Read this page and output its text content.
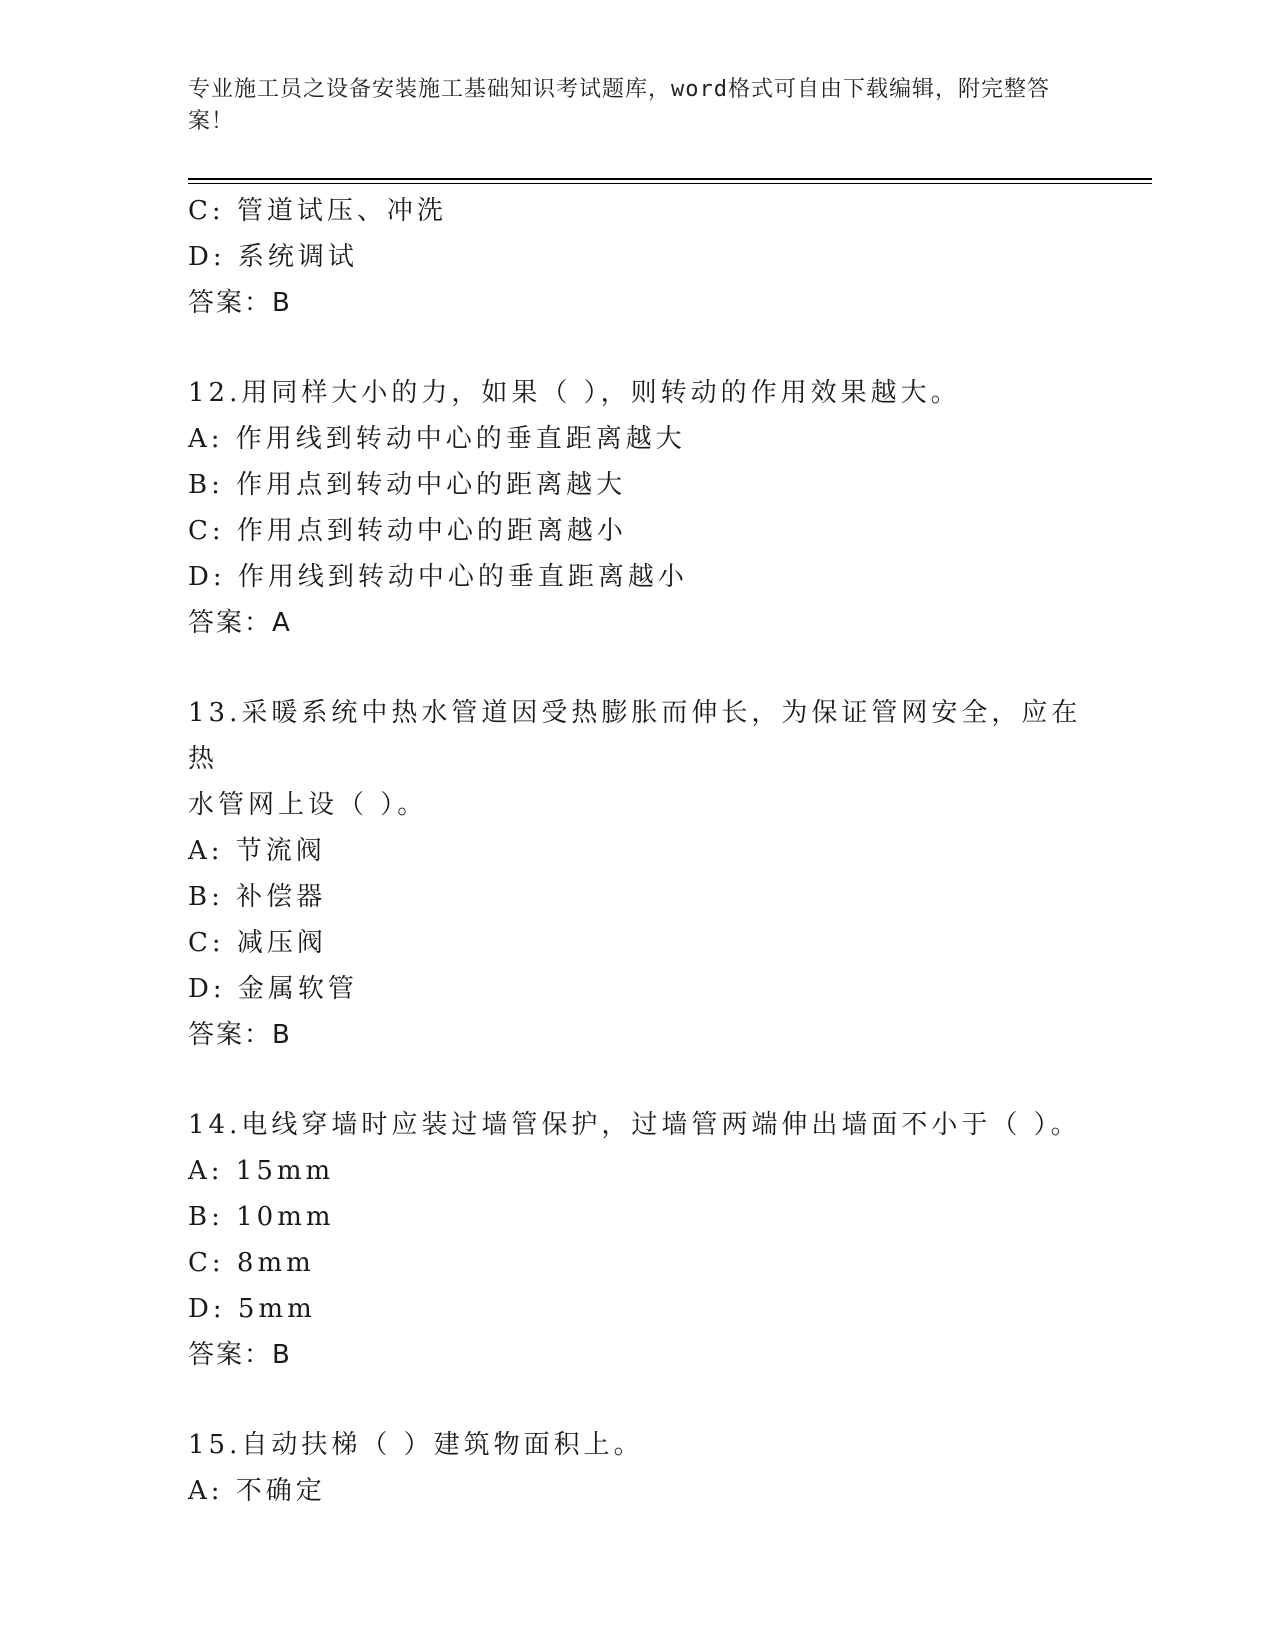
专业施工员之设备安装施工基础知识考试题库，word格式可自由下载编辑，附完整答案！
C: 管道试压、冲洗
D: 系统调试
答案：B
12.用同样大小的力，如果（ ），则转动的作用效果越大。
A: 作用线到转动中心的垂直距离越大
B: 作用点到转动中心的距离越大
C: 作用点到转动中心的距离越小
D: 作用线到转动中心的垂直距离越小
答案：A
13.采暖系统中热水管道因受热膨胀而伸长，为保证管网安全，应在热
水管网上设（ ）。
A: 节流阀
B: 补偿器
C: 减压阀
D: 金属软管
答案：B
14.电线穿墙时应装过墙管保护，过墙管两端伸出墙面不小于（ ）。
A: 15mm
B: 10mm
C: 8mm
D: 5mm
答案：B
15.自动扶梯（ ）建筑物面积上。
A: 不确定
